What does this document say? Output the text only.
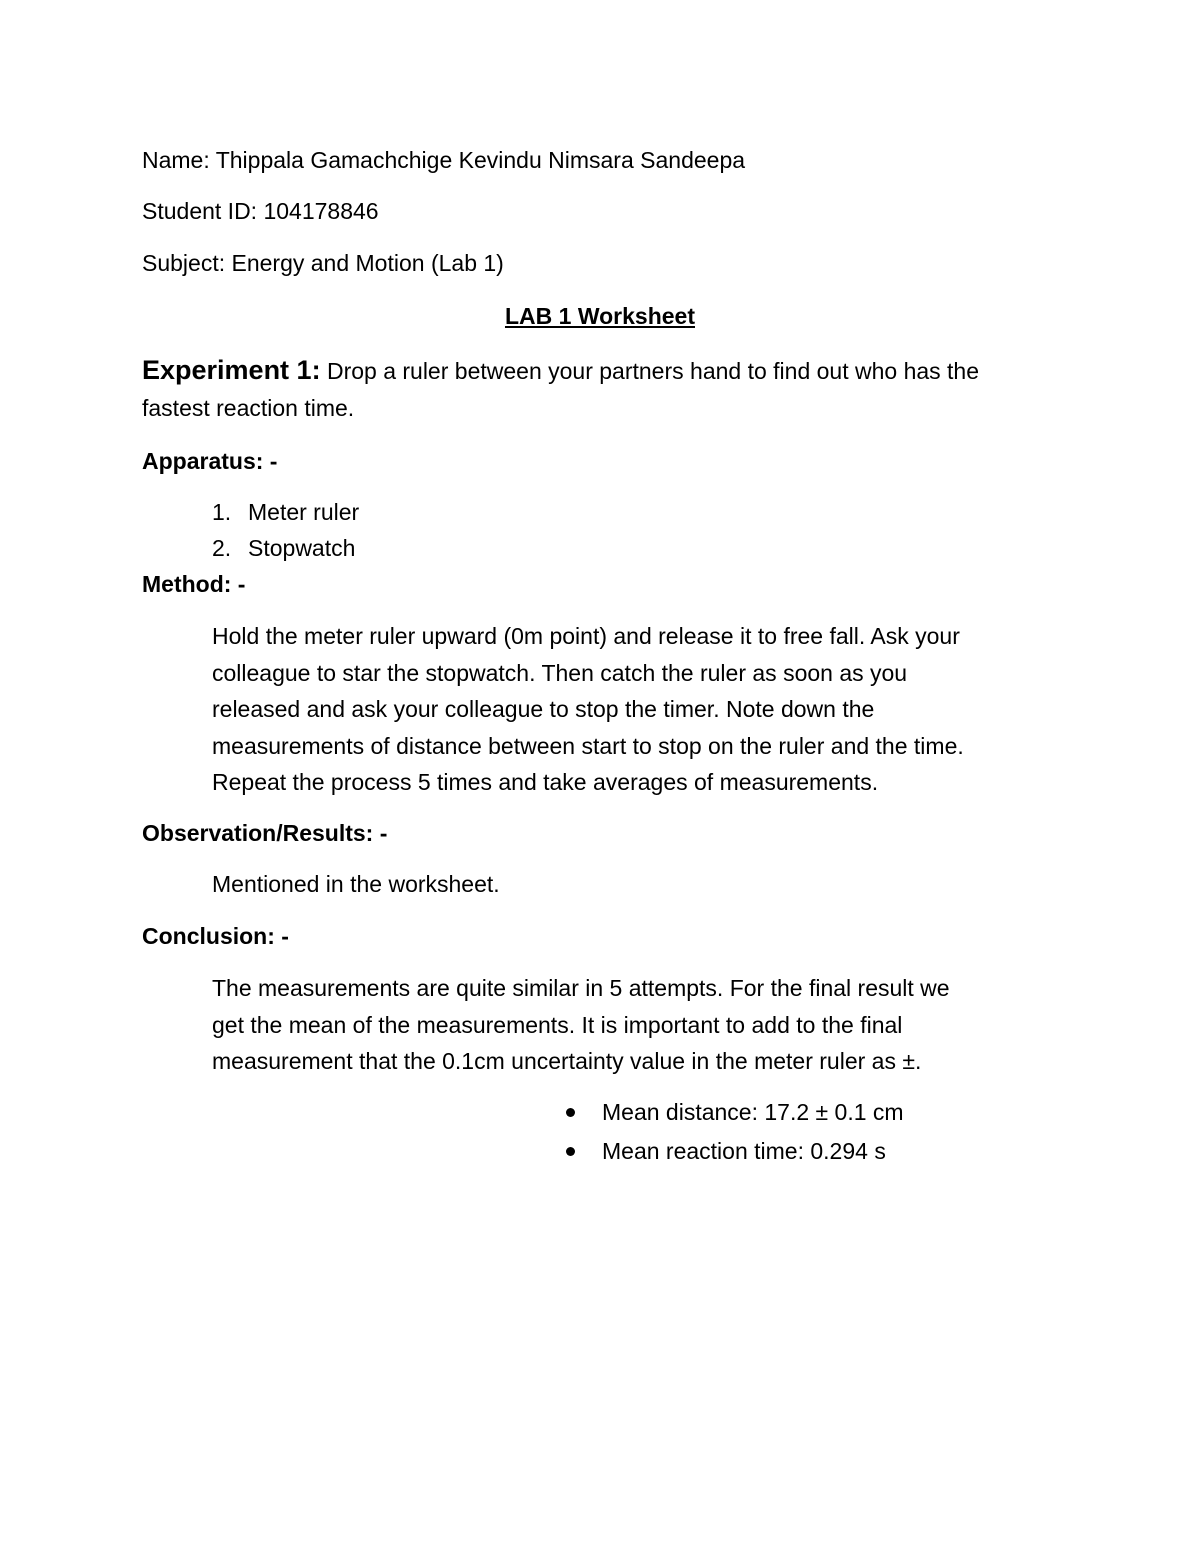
Name: Thippala Gamachchige Kevindu Nimsara Sandeepa
Student ID: 104178846
Subject: Energy and Motion (Lab 1)
LAB 1 Worksheet
Experiment 1: Drop a ruler between your partners hand to find out who has the
fastest reaction time.
Apparatus: -
1. Meter ruler
2. Stopwatch
Method: -

Hold the meter ruler upward (0m point) and release it to free fall. Ask your

colleague to star the stopwatch. Then catch the ruler as soon as you

released and ask your colleague to stop the timer. Note down the

measurements of distance between start to stop on the ruler and the time.

Repeat the process 5 times and take averages of measurements.

Observation/Results: -
Mentioned in the worksheet.
Conclusion: -

The measurements are quite similar in 5 attempts. For the final result we

get the mean of the measurements. It is important to add to the final

measurement that the 0.1cm uncertainty value in the meter ruler as ±.

Mean distance: 17.2 ± 0.1 cm
Mean reaction time: 0.294 s
